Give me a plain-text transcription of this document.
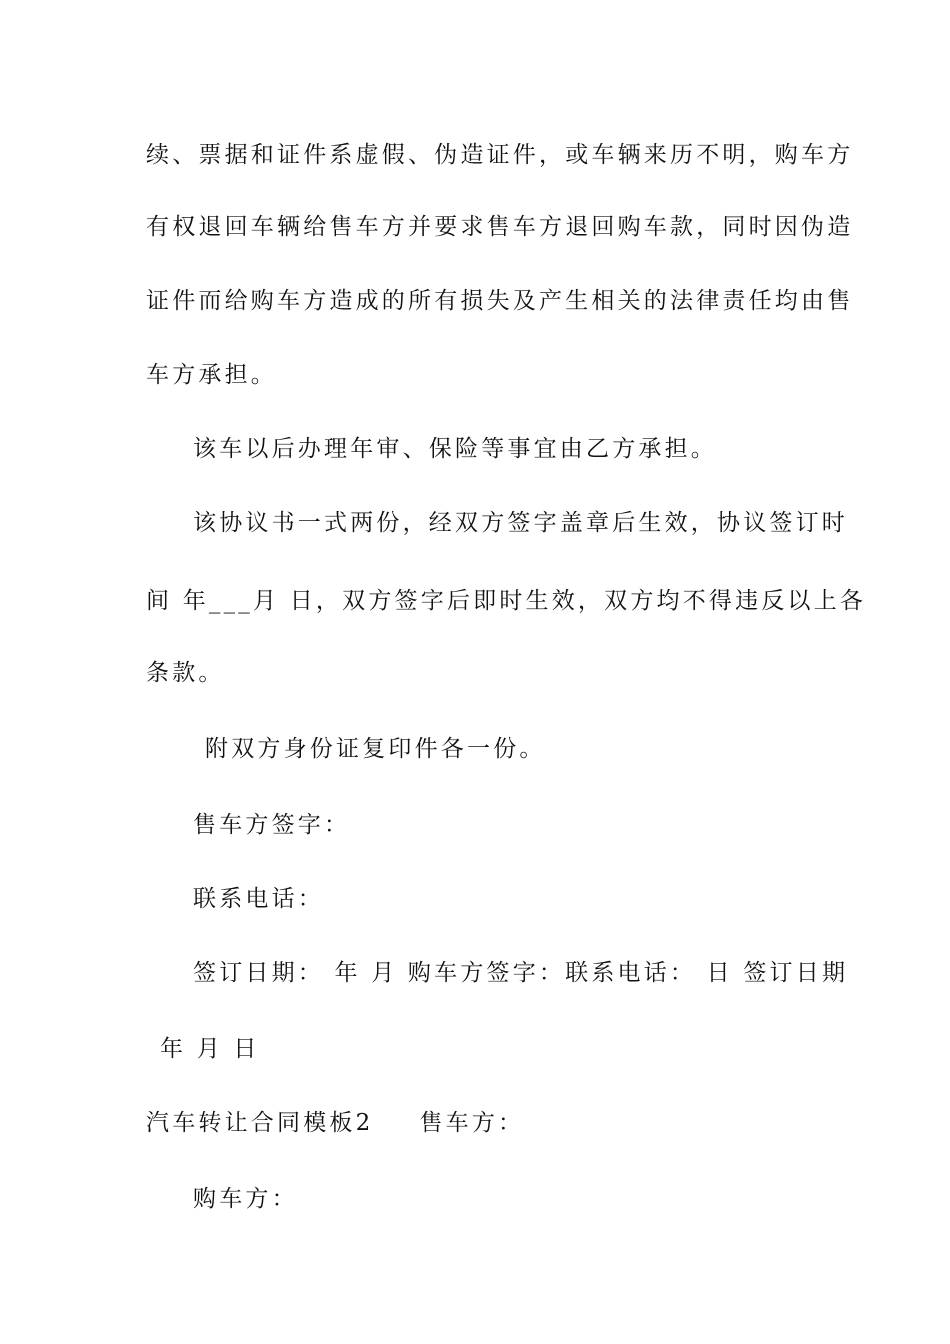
续、票据和证件系虚假、伪造证件，或车辆来历不明，购车方
有权退回车辆给售车方并要求售车方退回购车款，同时因伪造
证件而给购车方造成的所有损失及产生相关的法律责任均由售
车方承担。
该车以后办理年审、保险等事宜由乙方承担。
该协议书一式两份，经双方签字盖章后生效，协议签订时
间 年___月 日，双方签字后即时生效，双方均不得违反以上各
条款。
附双方身份证复印件各一份。
售车方签字：
联系电话：
签订日期： 年 月 购车方签字：联系电话： 日 签订日期
年 月 日
汽车转让合同模板2 售车方：
购车方：
